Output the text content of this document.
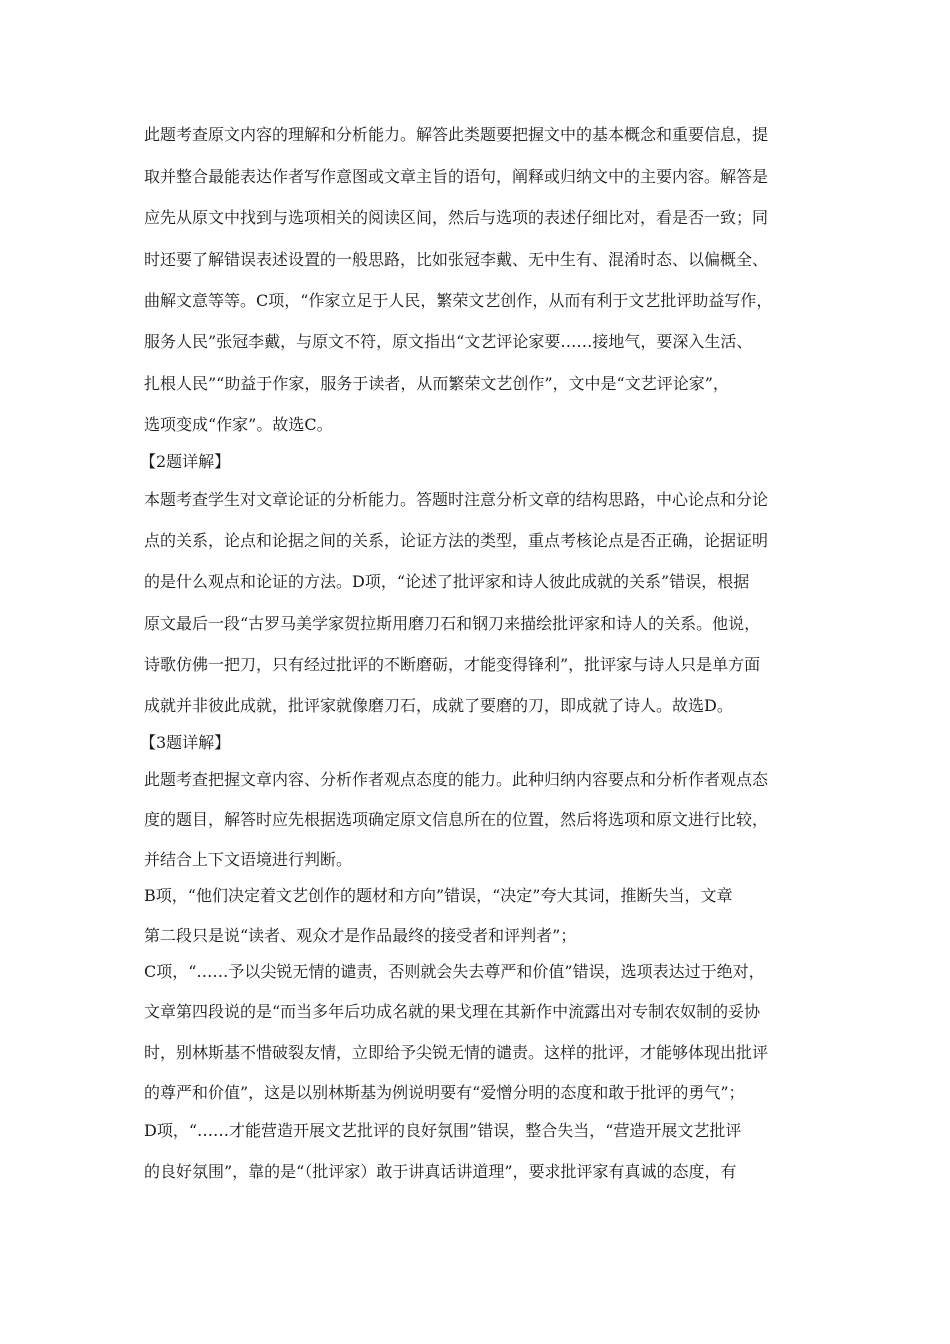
此题考查原文内容的理解和分析能力。解答此类题要把握文中的基本概念和重要信息，提
取并整合最能表达作者写作意图或文章主旨的语句，阐释或归纳文中的主要内容。解答是
应先从原文中找到与选项相关的阅读区间，然后与选项的表述仔细比对，看是否一致；同
时还要了解错误表述设置的一般思路，比如张冠李戴、无中生有、混淆时态、以偏概全、
曲解文意等等。C项，“作家立足于人民，繁荣文艺创作，从而有利于文艺批评助益写作，
服务人民”张冠李戴，与原文不符，原文指出“文艺评论家要……接地气，要深入生活、
扎根人民”“助益于作家，服务于读者，从而繁荣文艺创作”，文中是“文艺评论家”，
选项变成“作家”。故选C。
【2题详解】
本题考查学生对文章论证的分析能力。答题时注意分析文章的结构思路，中心论点和分论
点的关系，论点和论据之间的关系，论证方法的类型，重点考核论点是否正确，论据证明
的是什么观点和论证的方法。D项，“论述了批评家和诗人彼此成就的关系”错误，根据
原文最后一段“古罗马美学家贺拉斯用磨刀石和钢刀来描绘批评家和诗人的关系。他说，
诗歌仿佛一把刀，只有经过批评的不断磨砺，才能变得锋利”，批评家与诗人只是单方面
成就并非彼此成就，批评家就像磨刀石，成就了要磨的刀，即成就了诗人。故选D。
【3题详解】
此题考查把握文章内容、分析作者观点态度的能力。此种归纳内容要点和分析作者观点态
度的题目，解答时应先根据选项确定原文信息所在的位置，然后将选项和原文进行比较，
并结合上下文语境进行判断。
B项，“他们决定着文艺创作的题材和方向”错误，“决定”夸大其词，推断失当，文章
第二段只是说“读者、观众才是作品最终的接受者和评判者”；
C项，“……予以尖锐无情的谴责，否则就会失去尊严和价值”错误，选项表达过于绝对，
文章第四段说的是“而当多年后功成名就的果戈理在其新作中流露出对专制农奴制的妥协
时，别林斯基不惜破裂友情，立即给予尖锐无情的谴责。这样的批评，才能够体现出批评
的尊严和价值”，这是以别林斯基为例说明要有“爱憎分明的态度和敢于批评的勇气”；
D项，“……才能营造开展文艺批评的良好氛围”错误，整合失当，“营造开展文艺批评
的良好氛围”，靠的是“（批评家）敢于讲真话讲道理”，要求批评家有真诚的态度，有
